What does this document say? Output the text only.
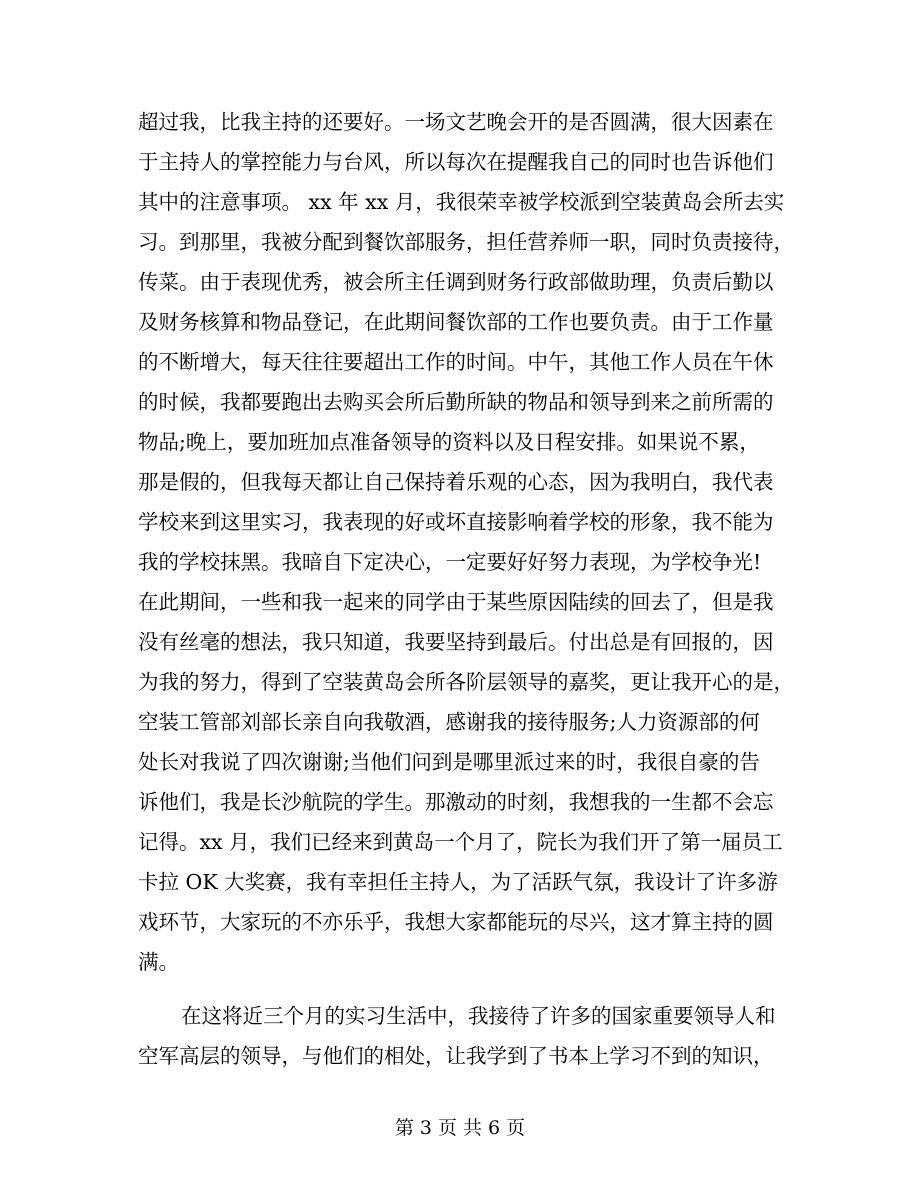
超过我，比我主持的还要好。一场文艺晚会开的是否圆满，很大因素在
于主持人的掌控能力与台风，所以每次在提醒我自己的同时也告诉他们
其中的注意事项。 xx 年 xx 月，我很荣幸被学校派到空装黄岛会所去实
习。到那里，我被分配到餐饮部服务，担任营养师一职，同时负责接待，
传菜。由于表现优秀，被会所主任调到财务行政部做助理，负责后勤以
及财务核算和物品登记，在此期间餐饮部的工作也要负责。由于工作量
的不断增大，每天往往要超出工作的时间。中午，其他工作人员在午休
的时候，我都要跑出去购买会所后勤所缺的物品和领导到来之前所需的
物品;晚上，要加班加点准备领导的资料以及日程安排。如果说不累，
那是假的，但我每天都让自己保持着乐观的心态，因为我明白，我代表
学校来到这里实习，我表现的好或坏直接影响着学校的形象，我不能为
我的学校抹黑。我暗自下定决心，一定要好好努力表现，为学校争光!
在此期间，一些和我一起来的同学由于某些原因陆续的回去了，但是我
没有丝毫的想法，我只知道，我要坚持到最后。付出总是有回报的，因
为我的努力，得到了空装黄岛会所各阶层领导的嘉奖，更让我开心的是，
空装工管部刘部长亲自向我敬酒，感谢我的接待服务;人力资源部的何
处长对我说了四次谢谢;当他们问到是哪里派过来的时，我很自豪的告
诉他们，我是长沙航院的学生。那激动的时刻，我想我的一生都不会忘
记得。xx 月，我们已经来到黄岛一个月了，院长为我们开了第一届员工
卡拉 OK 大奖赛，我有幸担任主持人，为了活跃气氛，我设计了许多游
戏环节，大家玩的不亦乐乎，我想大家都能玩的尽兴，这才算主持的圆
满。
在这将近三个月的实习生活中，我接待了许多的国家重要领导人和
空军高层的领导，与他们的相处，让我学到了书本上学习不到的知识，
第 3 页 共 6 页
